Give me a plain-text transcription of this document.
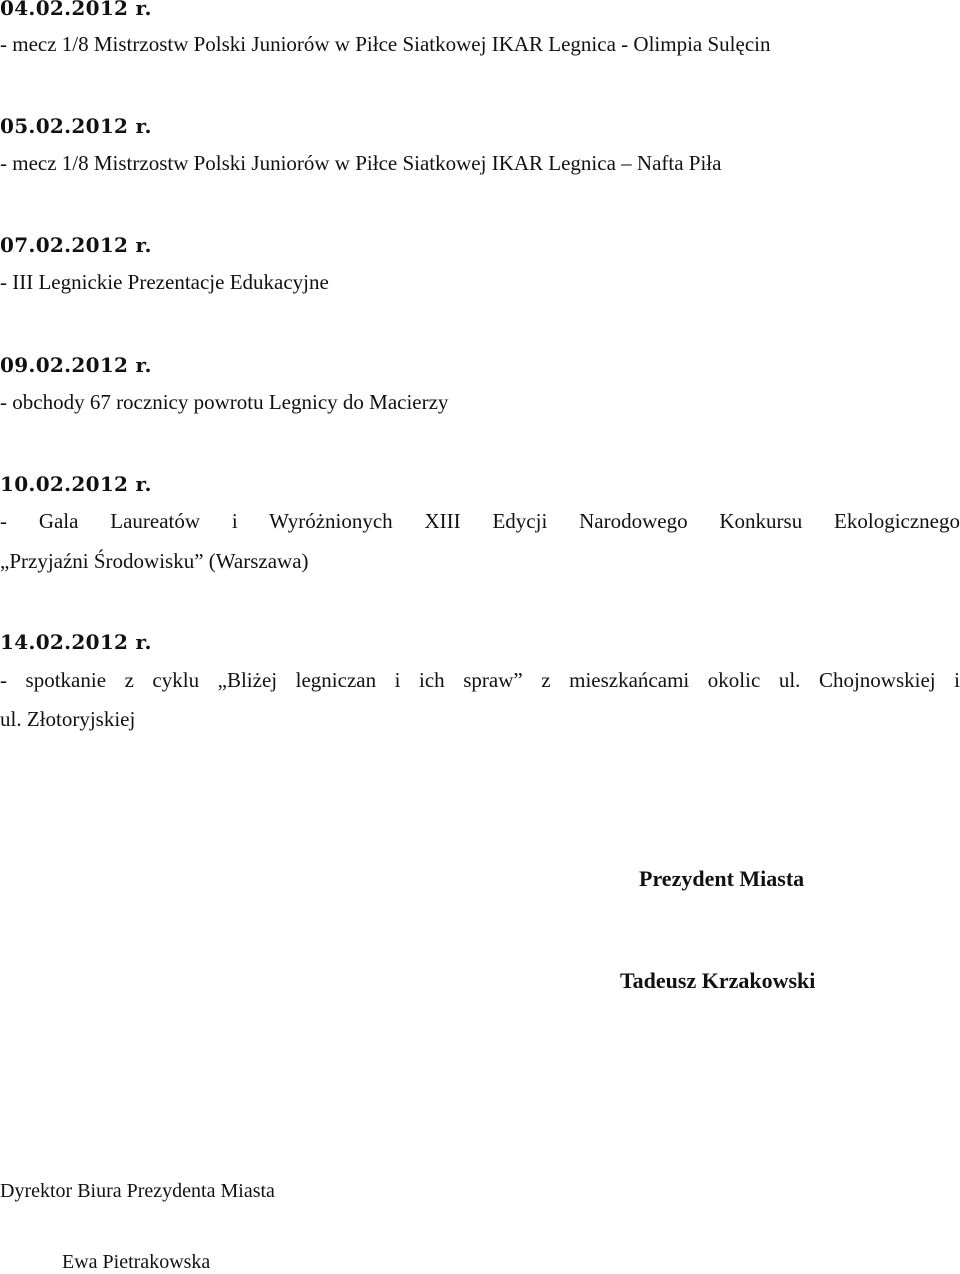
04.02.2012 r.
- mecz 1/8 Mistrzostw Polski Juniorów w Piłce Siatkowej IKAR Legnica - Olimpia Sulęcin
05.02.2012 r.
- mecz 1/8 Mistrzostw Polski Juniorów w Piłce Siatkowej IKAR Legnica – Nafta Piła
07.02.2012 r.
- III Legnickie Prezentacje Edukacyjne
09.02.2012 r.
- obchody 67 rocznicy powrotu Legnicy do Macierzy
10.02.2012 r.
- Gala Laureatów i Wyróżnionych XIII Edycji Narodowego Konkursu Ekologicznego
„Przyjaźni Środowisku” (Warszawa)
14.02.2012 r.
- spotkanie z cyklu „Bliżej legniczan i ich spraw” z mieszkańcami okolic ul. Chojnowskiej i
ul. Złotoryjskiej
Prezydent Miasta
Tadeusz Krzakowski
Dyrektor Biura Prezydenta Miasta
Ewa Pietrakowska
